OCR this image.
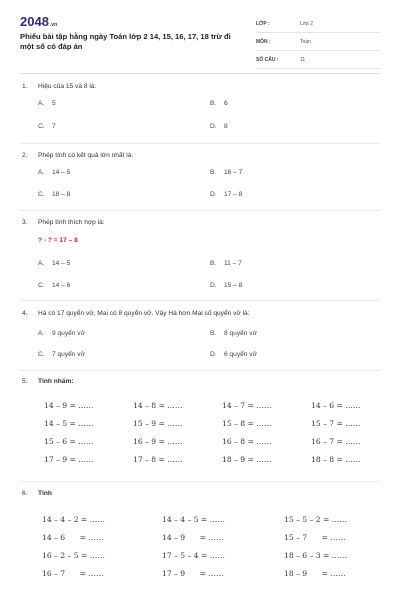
2048.vn
Phiếu bài tập hằng ngày Toán lớp 2 14, 15, 16, 17, 18 trừ đi một số có đáp án
LỚP :	Lớp 2
MÔN :	Toán
SỐ CÂU :	11
1. Hiệu của 15 và 8 là:
A. 5	B. 6
C. 7	D. 8
2. Phép tính có kết quả lớn nhất là:
A. 14 – 5	B. 16 – 7
C. 18 – 8	D. 17 – 8
3. Phép tính thích hợp là:
? - ? = 17 – 8
A. 14 – 5	B. 11 – 7
C. 14 – 6	D. 15 – 8
4. Hà có 17 quyển vở, Mai có 8 quyển vở. Vậy Hà hơn Mai số quyển vở là:
A. 9 quyển vở	B. 8 quyển vở
C. 7 quyển vở	D. 6 quyển vở
5. Tính nhẩm:
14 – 9 = ……	14 – 8 = ……	14 – 7 = ……	14 – 6 = ……
14 – 5 = ……	15 – 9 = ……	15 – 8 = ……	15 – 7 = ……
15 – 6 = ……	16 – 9 = ……	16 – 8 = ……	16 – 7 = ……
17 – 9 = ……	17 – 8 = ……	18 – 9 = ……	18 – 8 = ……
6. Tính
14 – 4 – 2 = ……	14 – 4 – 5 = ……	15 – 5 – 2 = ……
14 – 6      = ……	14 – 9      = ……	15 – 7      = ……
16 – 2 – 5 = ……	17 – 5 – 4 = ……	18 – 6 – 3 = ……
16 – 7      = ……	17 – 9      = ……	18 – 9      = ……
